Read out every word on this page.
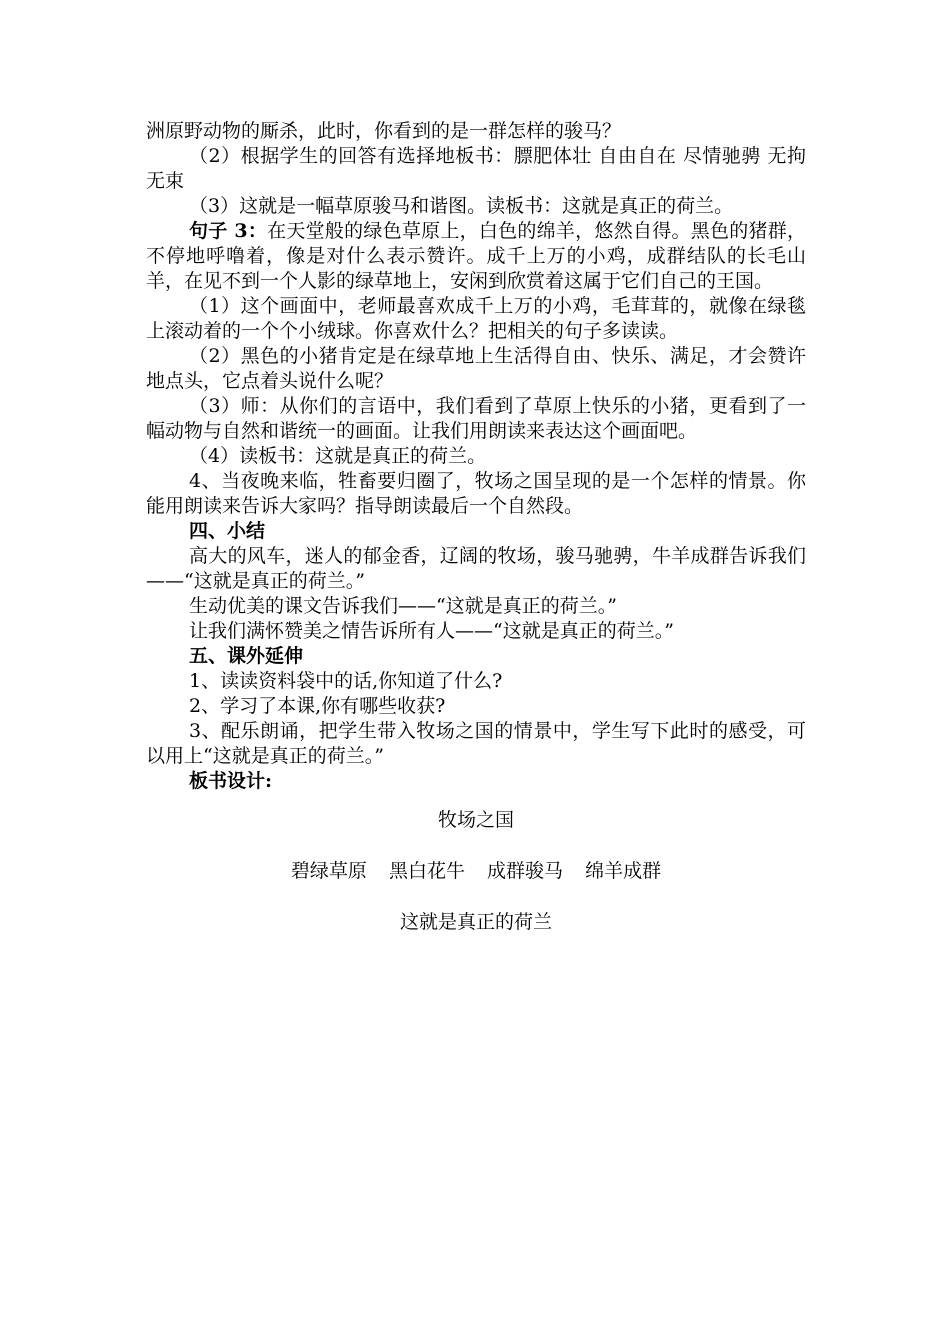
洲原野动物的厮杀，此时，你看到的是一群怎样的骏马？

（2）根据学生的回答有选择地板书：膘肥体壮 自由自在 尽情驰骋 无拘无束

（3）这就是一幅草原骏马和谐图。读板书：这就是真正的荷兰。

句子 3：在天堂般的绿色草原上，白色的绵羊，悠然自得。黑色的猪群，不停地呼噜着，像是对什么表示赞许。成千上万的小鸡，成群结队的长毛山羊，在见不到一个人影的绿草地上，安闲到欣赏着这属于它们自己的王国。

（1）这个画面中，老师最喜欢成千上万的小鸡，毛茸茸的，就像在绿毯上滚动着的一个个小绒球。你喜欢什么？把相关的句子多读读。

（2）黑色的小猪肯定是在绿草地上生活得自由、快乐、满足，才会赞许地点头，它点着头说什么呢？

（3）师：从你们的言语中，我们看到了草原上快乐的小猪，更看到了一幅动物与自然和谐统一的画面。让我们用朗读来表达这个画面吧。

（4）读板书：这就是真正的荷兰。

4、当夜晚来临，牲畜要归圈了，牧场之国呈现的是一个怎样的情景。你能用朗读来告诉大家吗？指导朗读最后一个自然段。

四、小结

高大的风车，迷人的郁金香，辽阔的牧场，骏马驰骋，牛羊成群告诉我们——“这就是真正的荷兰。”

生动优美的课文告诉我们——“这就是真正的荷兰。”

让我们满怀赞美之情告诉所有人——“这就是真正的荷兰。”

五、课外延伸

1、读读资料袋中的话,你知道了什么?

2、学习了本课,你有哪些收获?

3、配乐朗诵，把学生带入牧场之国的情景中，学生写下此时的感受，可以用上“这就是真正的荷兰。”

板书设计:

牧场之国

碧绿草原 黑白花牛 成群骏马 绵羊成群

这就是真正的荷兰
